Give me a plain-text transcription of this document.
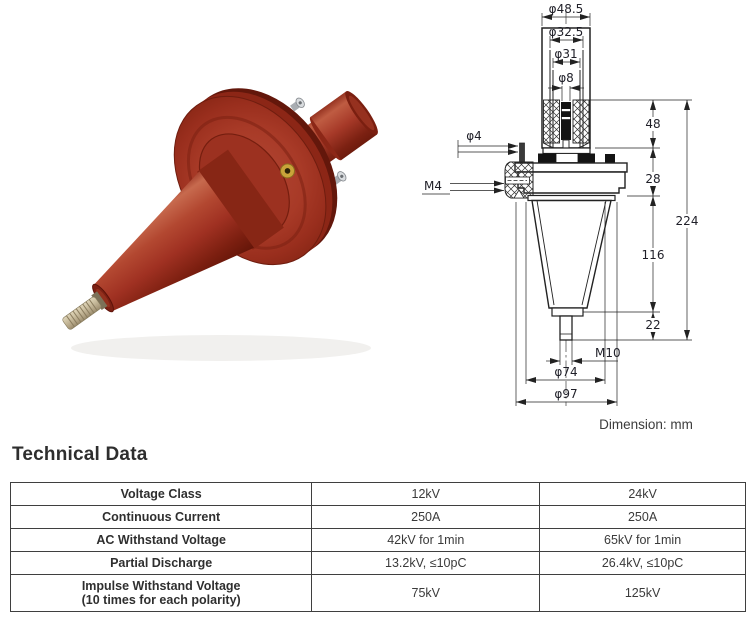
φ48.5
φ32.5
φ31
φ8
φ4
M4
48
28
116
22
224
M10
φ74
φ97
Dimension: mm
Technical Data
Voltage Class	12kV	24kV
Continuous Current	250A	250A
AC Withstand Voltage	42kV for 1min	65kV for 1min
Partial Discharge	13.2kV, ≤10pC	26.4kV, ≤10pC

Impulse Withstand Voltage
(10 times for each polarity)	75kV	125kV
